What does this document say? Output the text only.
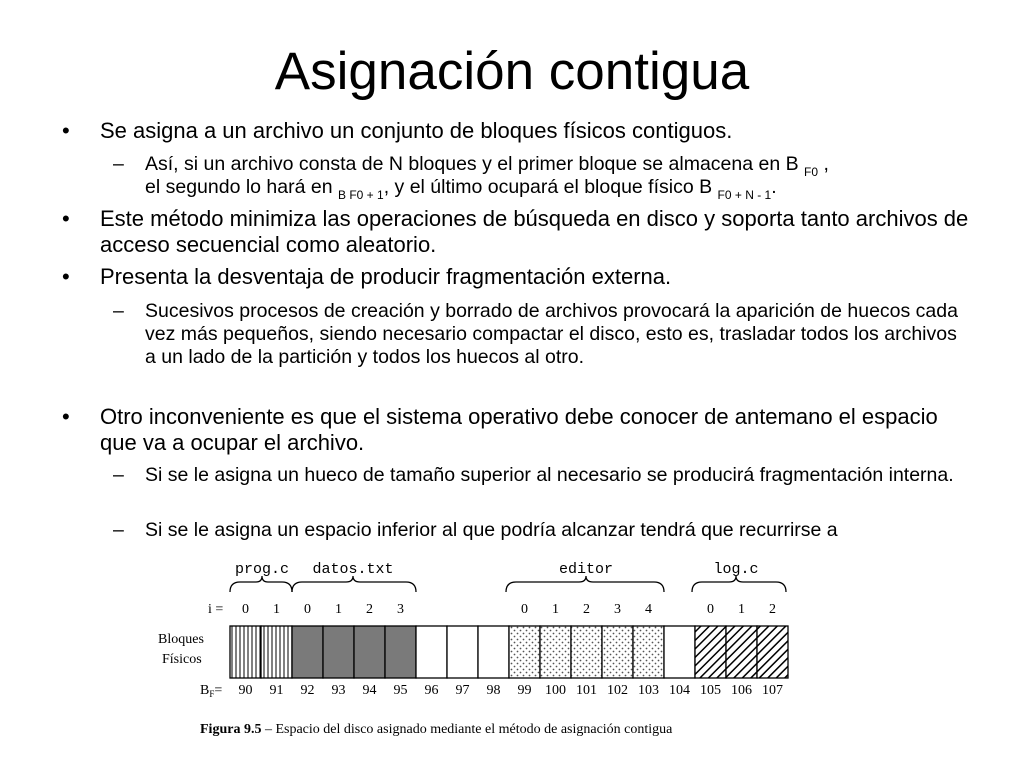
Asignación contigua
• Se asigna a un archivo un conjunto de bloques físicos contiguos.
– Así, si un archivo consta de N bloques y el primer bloque se almacena en B $_{F0}$ ,
el segundo lo hará en $_{B F0 + 1}$, y el último ocupará el bloque físico B $_{F0 + N - 1}$.
• Este método minimiza las operaciones de búsqueda en disco y soporta tanto archivos de acceso secuencial como aleatorio.
• Presenta la desventaja de producir fragmentación externa.
– Sucesivos procesos de creación y borrado de archivos provocará la aparición de huecos cada vez más pequeños, siendo necesario compactar el disco, esto es, trasladar todos los archivos a un lado de la partición y todos los huecos al otro.
• Otro inconveniente es que el sistema operativo debe conocer de antemano el espacio que va a ocupar el archivo.
– Si se le asigna un hueco de tamaño superior al necesario se producirá fragmentación interna.
– Si se le asigna un espacio inferior al que podría alcanzar tendrá que recurrirse a
prog.c datos.txt	editor	log.c
i =
Bloques
Físicos
$B_F=$
0 1 0 1 2 3	0 1 2 3 4	0 1 2
90 91 92 93 94 95 96 97 98 99 100 101 102 103 104 105 106 107
Figura 9.5 – Espacio del disco asignado mediante el método de asignación contigua
